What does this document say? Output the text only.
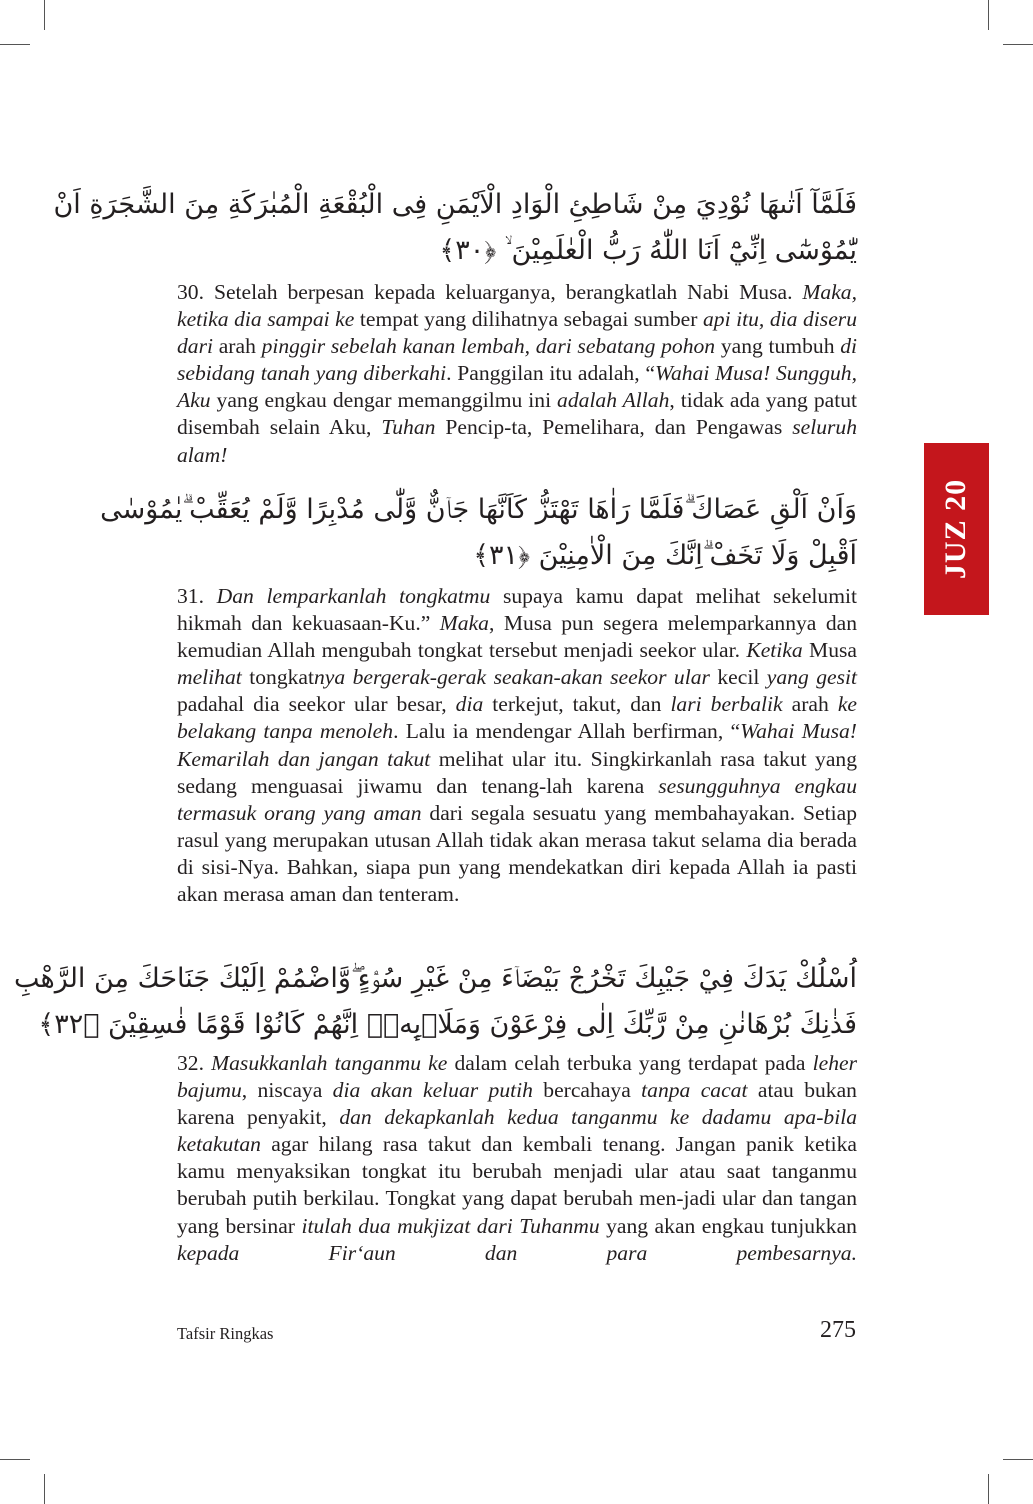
JUZ 20
فَلَمَّآ اَتٰىهَا نُوْدِيَ مِنْ شَاطِئِ الْوَادِ الْاَيْمَنِ فِى الْبُقْعَةِ الْمُبٰرَكَةِ مِنَ الشَّجَرَةِ اَنْ
يّٰمُوْسٰٓى اِنِّيْٓ اَنَا اللّٰهُ رَبُّ الْعٰلَمِيْنَ ۙ ﴿٣٠﴾
30. Setelah berpesan kepada keluarganya, berangkatlah Nabi Musa. Maka, ketika dia sampai ke tempat yang dilihatnya sebagai sumber api itu, dia diseru dari arah pinggir sebelah kanan lembah, dari sebatang pohon yang tumbuh di sebidang tanah yang diberkahi. Panggilan itu adalah, “Wahai Musa! Sungguh, Aku yang engkau dengar memanggilmu ini adalah Allah, tidak ada yang patut disembah selain Aku, Tuhan Pencip-ta, Pemelihara, dan Pengawas seluruh alam!
وَاَنْ اَلْقِ عَصَاكَ ۗفَلَمَّا رَاٰهَا تَهْتَزُّ كَاَنَّهَا جَاۤنٌّ وَّلّٰى مُدْبِرًا وَّلَمْ يُعَقِّبْ ۗيٰمُوْسٰى
اَقْبِلْ وَلَا تَخَفْ ۗاِنَّكَ مِنَ الْاٰمِنِيْنَ ﴿٣١﴾
31. Dan lemparkanlah tongkatmu supaya kamu dapat melihat sekelumit hikmah dan kekuasaan-Ku.” Maka, Musa pun segera melemparkannya dan kemudian Allah mengubah tongkat tersebut menjadi seekor ular. Ketika Musa melihat tongkatnya bergerak-gerak seakan-akan seekor ular kecil yang gesit padahal dia seekor ular besar, dia terkejut, takut, dan lari berbalik arah ke belakang tanpa menoleh. Lalu ia mendengar Allah berfirman, “Wahai Musa! Kemarilah dan jangan takut melihat ular itu. Singkirkanlah rasa takut yang sedang menguasai jiwamu dan tenang-lah karena sesungguhnya engkau termasuk orang yang aman dari segala sesuatu yang membahayakan. Setiap rasul yang merupakan utusan Allah tidak akan merasa takut selama dia berada di sisi-Nya. Bahkan, siapa pun yang mendekatkan diri kepada Allah ia pasti akan merasa aman dan tenteram.
اُسْلُكْ يَدَكَ فِيْ جَيْبِكَ تَخْرُجْ بَيْضَاۤءَ مِنْ غَيْرِ سُوْۤءٍ ۖوَّاضْمُمْ اِلَيْكَ جَنَاحَكَ مِنَ الرَّهْبِ
فَذٰنِكَ بُرْهَانٰنِ مِنْ رَّبِّكَ اِلٰى فِرْعَوْنَ وَمَلَا۟ىِٕهٖۗ اِنَّهُمْ كَانُوْا قَوْمًا فٰسِقِيْنَ ﴿٣٢﴾
32. Masukkanlah tanganmu ke dalam celah terbuka yang terdapat pada leher bajumu, niscaya dia akan keluar putih bercahaya tanpa cacat atau bukan karena penyakit, dan dekapkanlah kedua tanganmu ke dadamu apa-bila ketakutan agar hilang rasa takut dan kembali tenang. Jangan panik ketika kamu menyaksikan tongkat itu berubah menjadi ular atau saat tanganmu berubah putih berkilau. Tongkat yang dapat berubah men-jadi ular dan tangan yang bersinar itulah dua mukjizat dari Tuhanmu yang akan engkau tunjukkan kepada Fir‘aun dan para pembesarnya.
Tafsir Ringkas	275
